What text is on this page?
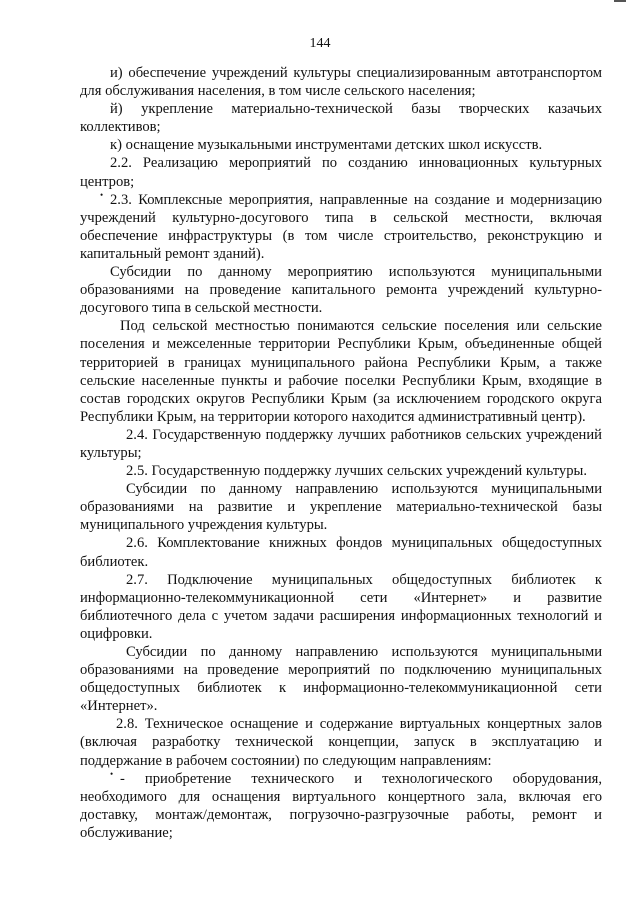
144

и) обеспечение учреждений культуры специализированным автотранспортом для обслуживания населения, в том числе сельского населения;

й) укрепление материально-технической базы творческих казачьих коллективов;

к) оснащение музыкальными инструментами детских школ искусств.

2.2. Реализацию мероприятий по созданию инновационных культурных центров;

• 2.3. Комплексные мероприятия, направленные на создание и модернизацию учреждений культурно-досугового типа в сельской местности, включая обеспечение инфраструктуры (в том числе строительство, реконструкцию и капитальный ремонт зданий).

Субсидии по данному мероприятию используются муниципальными образованиями на проведение капитального ремонта учреждений культурно-досугового типа в сельской местности.

Под сельской местностью понимаются сельские поселения или сельские поселения и межселенные территории Республики Крым, объединенные общей территорией в границах муниципального района Республики Крым, а также сельские населенные пункты и рабочие поселки Республики Крым, входящие в состав городских округов Республики Крым (за исключением городского округа Республики Крым, на территории которого находится административный центр).

2.4. Государственную поддержку лучших работников сельских учреждений культуры;

2.5. Государственную поддержку лучших сельских учреждений культуры.

Субсидии по данному направлению используются муниципальными образованиями на развитие и укрепление материально-технической базы муниципального учреждения культуры.

2.6. Комплектование книжных фондов муниципальных общедоступных библиотек.

2.7. Подключение муниципальных общедоступных библиотек к информационно-телекоммуникационной сети «Интернет» и развитие библиотечного дела с учетом задачи расширения информационных технологий и оцифровки.

Субсидии по данному направлению используются муниципальными образованиями на проведение мероприятий по подключению муниципальных общедоступных библиотек к информационно-телекоммуникационной сети «Интернет».

2.8. Техническое оснащение и содержание виртуальных концертных залов (включая разработку технической концепции, запуск в эксплуатацию и поддержание в рабочем состоянии) по следующим направлениям:

• - приобретение технического и технологического оборудования, необходимого для оснащения виртуального концертного зала, включая его доставку, монтаж/демонтаж, погрузочно-разгрузочные работы, ремонт и обслуживание;
